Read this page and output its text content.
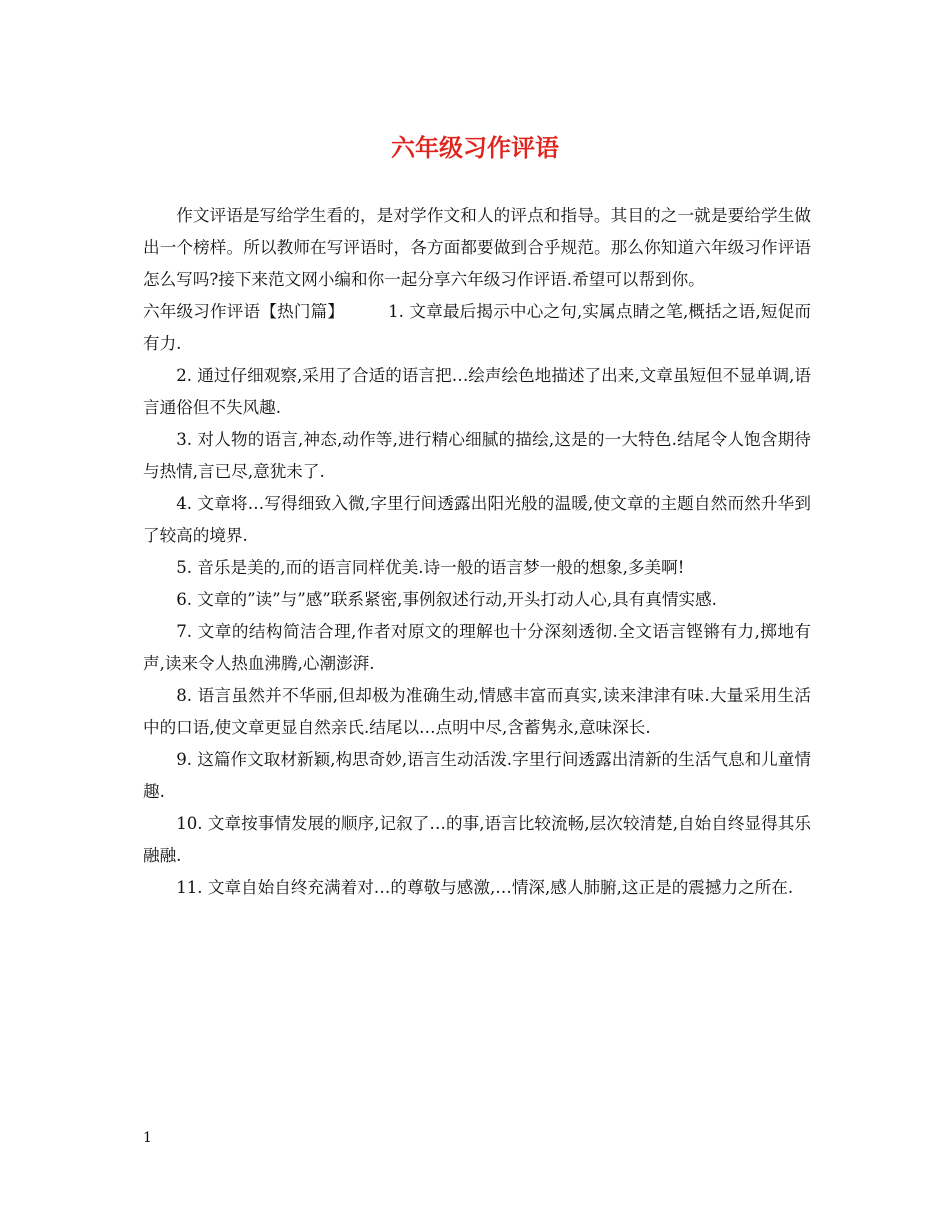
六年级习作评语

作文评语是写给学生看的，是对学作文和人的评点和指导。其目的之一就是要给学生做出一个榜样。所以教师在写评语时，各方面都要做到合乎规范。那么你知道六年级习作评语怎么写吗?接下来范文网小编和你一起分享六年级习作评语.希望可以帮到你。

六年级习作评语【热门篇】	1. 文章最后揭示中心之句,实属点睛之笔,概括之语,短促而有力.

2. 通过仔细观察,采用了合适的语言把…绘声绘色地描述了出来,文章虽短但不显单调,语言通俗但不失风趣.

3. 对人物的语言,神态,动作等,进行精心细腻的描绘,这是的一大特色.结尾令人饱含期待与热情,言已尽,意犹未了.

4. 文章将…写得细致入微,字里行间透露出阳光般的温暖,使文章的主题自然而然升华到了较高的境界.

5. 音乐是美的,而的语言同样优美.诗一般的语言梦一般的想象,多美啊!

6. 文章的”读”与”感”联系紧密,事例叙述行动,开头打动人心,具有真情实感.

7. 文章的结构简洁合理,作者对原文的理解也十分深刻透彻.全文语言铿锵有力,掷地有声,读来令人热血沸腾,心潮澎湃.

8. 语言虽然并不华丽,但却极为准确生动,情感丰富而真实,读来津津有味.大量采用生活中的口语,使文章更显自然亲氏.结尾以…点明中尽,含蓄隽永,意味深长.

9. 这篇作文取材新颖,构思奇妙,语言生动活泼.字里行间透露出清新的生活气息和儿童情趣.

10. 文章按事情发展的顺序,记叙了…的事,语言比较流畅,层次较清楚,自始自终显得其乐融融.

11. 文章自始自终充满着对…的尊敬与感激,…情深,感人肺腑,这正是的震撼力之所在.

1
